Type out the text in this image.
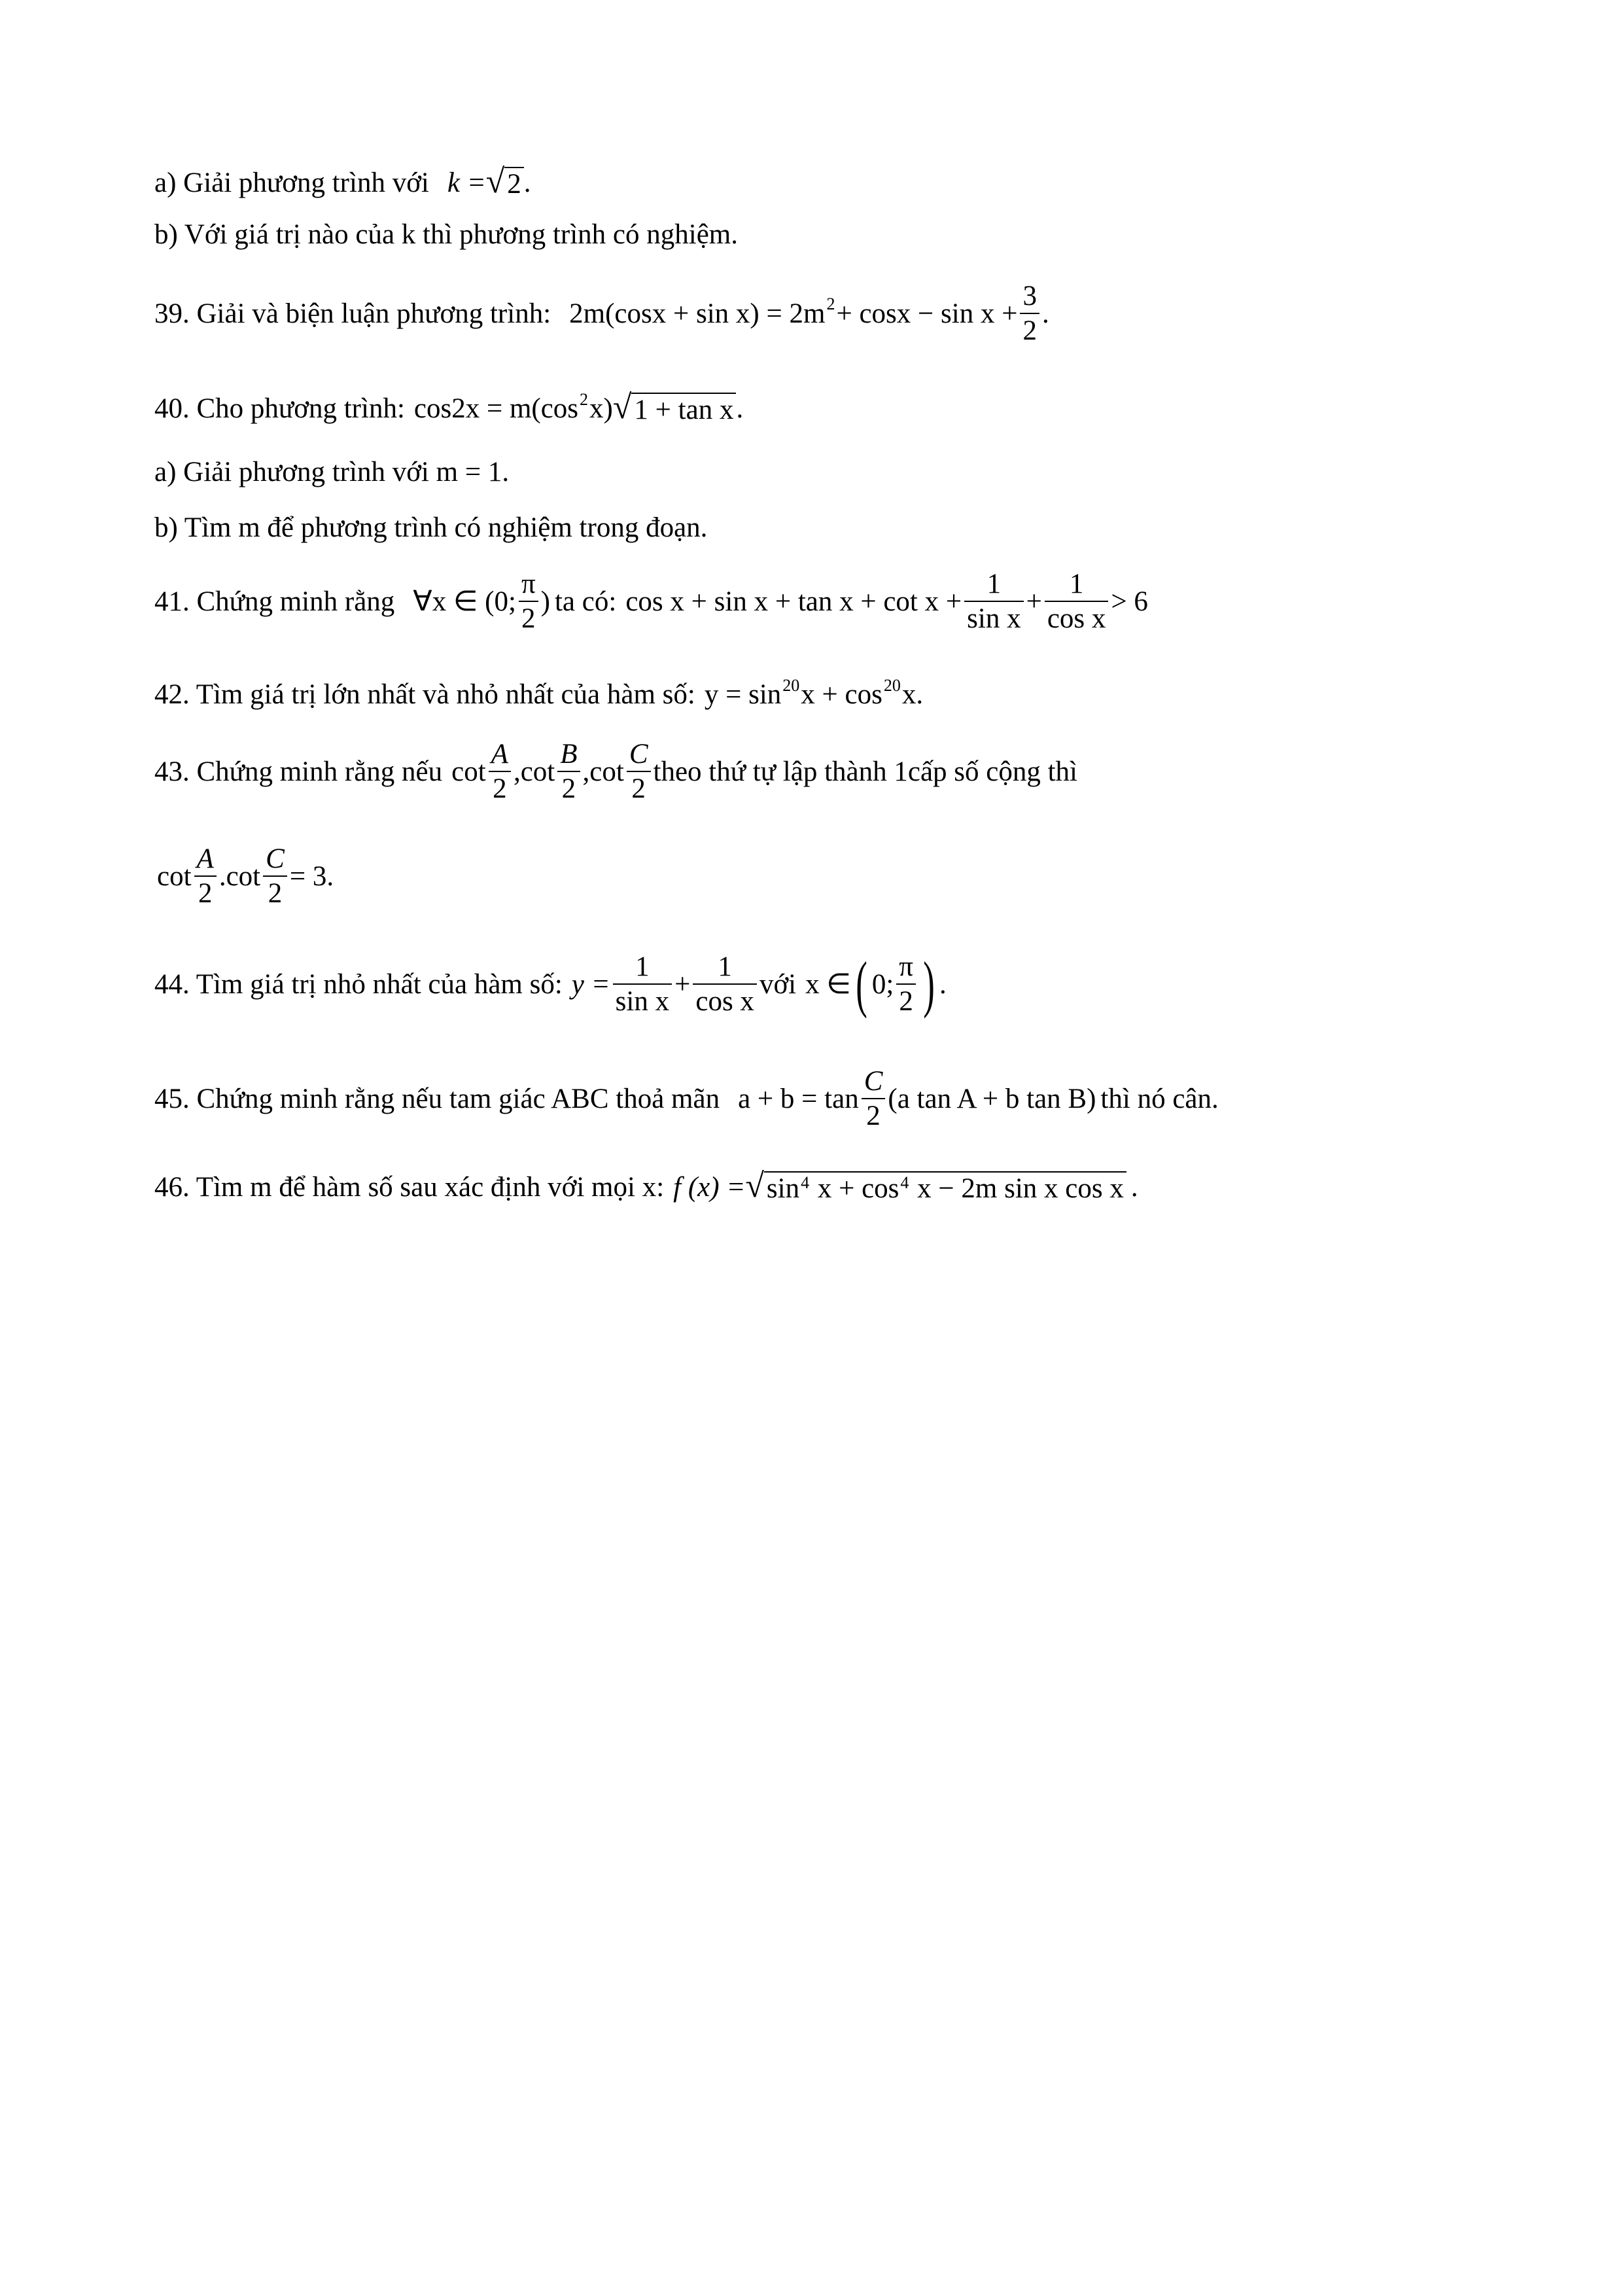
a) Giải phương trình với k = √ 2 .
b) Với giá trị nào của k thì phương trình có nghiệm.
39. Giải và biện luận phương trình: $2m(\cos x + \sin x) = 2m^2 + \cos x - \sin x + \frac{3}{2}$ .
40. Cho phương trình: $\cos 2x = m(\cos^2$ x) √ 1 + tan x .
a) Giải phương trình với m = 1.
b) Tìm m để phương trình có nghiệm trong đoạn.
41. Chứng minh rằng ∀x ∈ (0; $\frac{\pi}{2}$ ) ta có: $\cos x + \sin x + \tan x + \cot x + \frac{1}{\text{sin x}} + \frac{1}{\text{cos x}} > 6$
42. Tìm giá trị lớn nhất và nhỏ nhất của hàm số: $y = \sin^{20} x + \cos^{20} x$ .
43. Chứng minh rằng nếu $\cot \frac{A}{2}$ , $\cot \frac{B}{2}$ , $\cot \frac{C}{2}$ theo thứ tự lập thành 1cấp số cộng thì
$\cot \frac{A}{2} .\cot \frac{C}{2} = 3$ .
44. Tìm giá trị nhỏ nhất của hàm số: $y = \frac{1}{\text{sin x}} + \frac{1}{\text{cos x}}$ với x ∈ ( 0; $\frac{\pi}{2}$ ) .
45. Chứng minh rằng nếu tam giác ABC thoả mãn $a + b = \tan \frac{C}{2} (a$ tan A + b tan B) thì nó cân.
46. Tìm m để hàm số sau xác định với mọi x: f (x) = √ $\sin^4 x + \cos^4 x - 2m$ sin x cos x .
